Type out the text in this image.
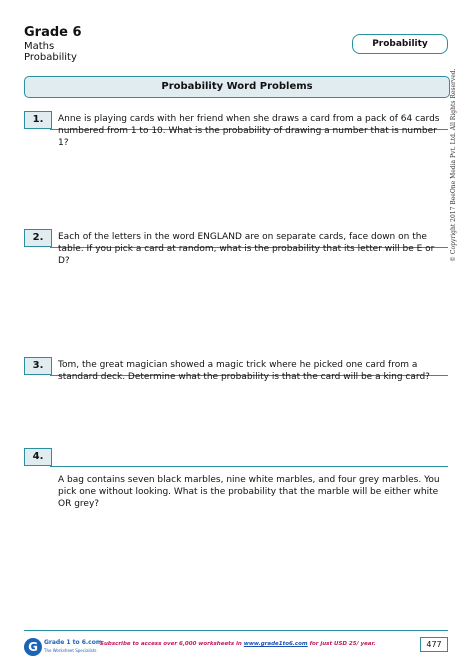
Grade 6
Maths
Probability
Probability
Probability Word Problems
1.	Anne is playing cards with her friend when she draws a card from a pack of 64 cards numbered from 1 to 10. What is the probability of drawing a number that is number 1?
2.	Each of the letters in the word ENGLAND are on separate cards, face down on the table. If you pick a card at random, what is the probability that its letter will be E or D?
3.	Tom, the great magician showed a magic trick where he picked one card from a standard deck. Determine what the probability is that the card will be a king card?
4.
A bag contains seven black marbles, nine white marbles, and four grey marbles. You pick one without looking. What is the probability that the marble will be either white OR grey?
© Copyright 2017 BeeOne Media Pvt. Ltd. All Rights Reserved.
G	Grade 1 to 6.com
The Worksheet Specialists
Subscribe to access over 6,000 worksheets in www.grade1to6.com for just USD 25/ year.	477
